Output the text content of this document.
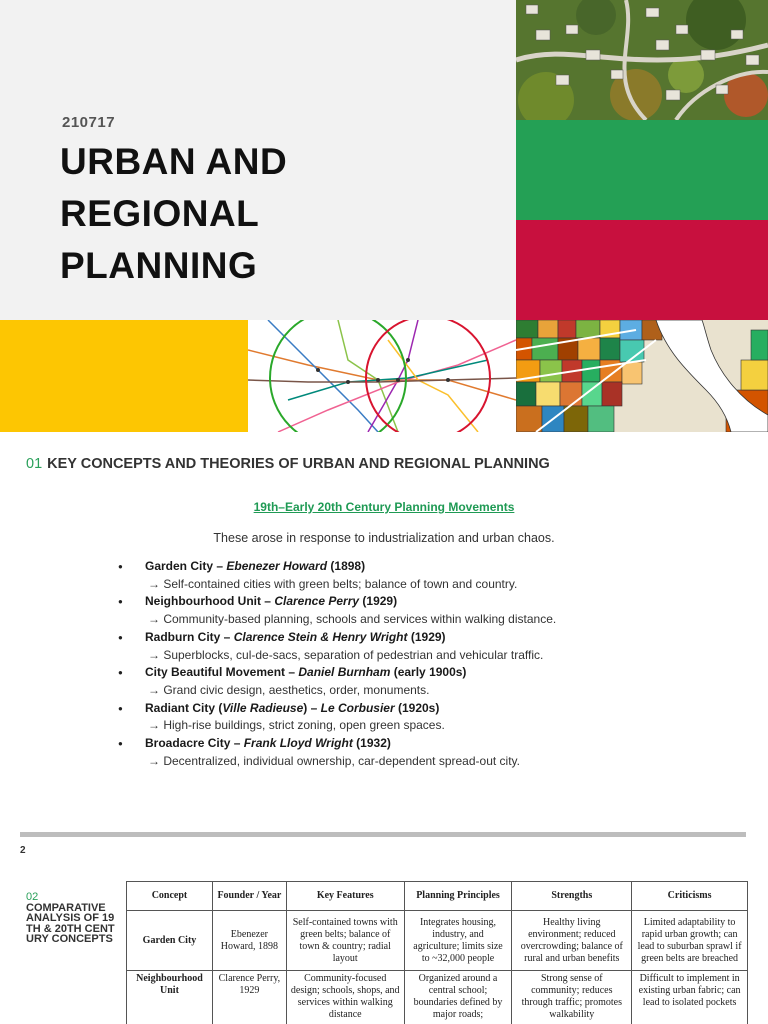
210717
URBAN AND
REGIONAL
PLANNING
01 KEY CONCEPTS AND THEORIES OF URBAN AND REGIONAL PLANNING
19th–Early 20th Century Planning Movements
These arose in response to industrialization and urban chaos.
● Garden City – Ebenezer Howard (1898)
→ Self-contained cities with green belts; balance of town and country.
● Neighbourhood Unit – Clarence Perry (1929)
→ Community-based planning, schools and services within walking distance.
● Radburn City – Clarence Stein & Henry Wright (1929)
→ Superblocks, cul-de-sacs, separation of pedestrian and vehicular traffic.
● City Beautiful Movement – Daniel Burnham (early 1900s)
→ Grand civic design, aesthetics, order, monuments.
● Radiant City (Ville Radieuse) – Le Corbusier (1920s)
→ High-rise buildings, strict zoning, open green spaces.
● Broadacre City – Frank Lloyd Wright (1932)
→ Decentralized, individual ownership, car-dependent spread-out city.
2
02
COMPARATIVE ANALYSIS OF 19TH & 20TH CENTURY CONCEPTS
Concept	Founder / Year	Key Features	Planning Principles	Strengths	Criticisms
Garden City	Ebenezer Howard, 1898	Self-contained towns with green belts; balance of town & country; radial layout	Integrates housing, industry, and agriculture; limits size to ~32,000 people	Healthy living environment; reduced overcrowding; balance of rural and urban benefits	Limited adaptability to rapid urban growth; can lead to suburban sprawl if green belts are breached
Neighbourhood Unit	Clarence Perry, 1929	Community-focused design; schools, shops, and services within walking distance	Organized around a central school; boundaries defined by major roads;	Strong sense of community; reduces through traffic; promotes walkability	Difficult to implement in existing urban fabric; can lead to isolated pockets
